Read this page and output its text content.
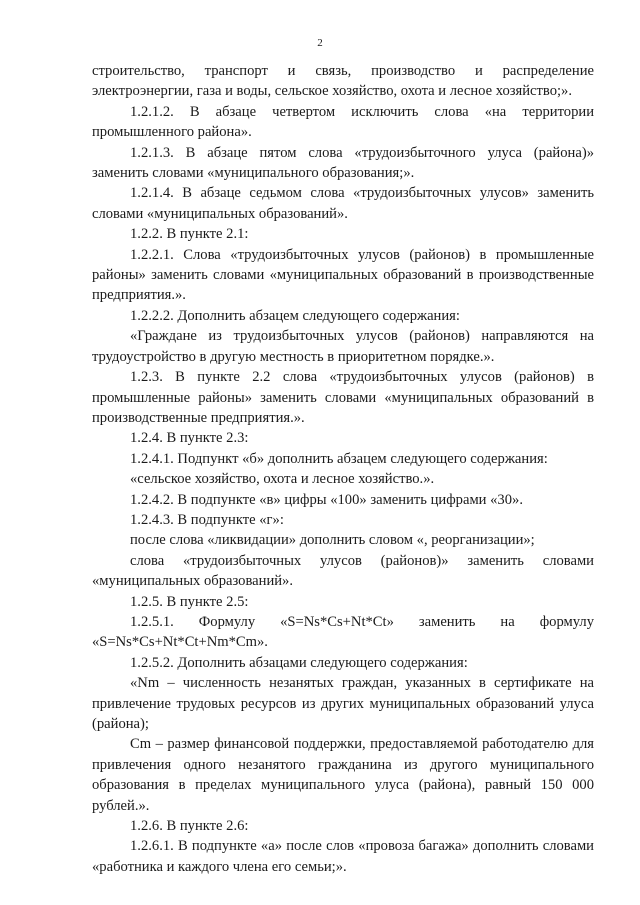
2

строительство, транспорт и связь, производство и распределение электроэнергии, газа и воды, сельское хозяйство, охота и лесное хозяйство;».

1.2.1.2. В абзаце четвертом исключить слова «на территории промышленного района».

1.2.1.3. В абзаце пятом слова «трудоизбыточного улуса (района)» заменить словами «муниципального образования;».

1.2.1.4. В абзаце седьмом слова «трудоизбыточных улусов» заменить словами «муниципальных образований».

1.2.2. В пункте 2.1:

1.2.2.1. Слова «трудоизбыточных улусов (районов) в промышленные районы» заменить словами «муниципальных образований в производственные предприятия.».

1.2.2.2. Дополнить абзацем следующего содержания:

«Граждане из трудоизбыточных улусов (районов) направляются на трудоустройство в другую местность в приоритетном порядке.».

1.2.3. В пункте 2.2 слова «трудоизбыточных улусов (районов) в промышленные районы» заменить словами «муниципальных образований в производственные предприятия.».

1.2.4. В пункте 2.3:

1.2.4.1. Подпункт «б» дополнить абзацем следующего содержания:

«сельское хозяйство, охота и лесное хозяйство.».

1.2.4.2. В подпункте «в» цифры «100» заменить цифрами «30».

1.2.4.3. В подпункте «г»:

после слова «ликвидации» дополнить словом «, реорганизации»;

слова «трудоизбыточных улусов (районов)» заменить словами «муниципальных образований».

1.2.5. В пункте 2.5:

1.2.5.1. Формулу «S=Ns*Cs+Nt*Ct» заменить на формулу «S=Ns*Cs+Nt*Ct+Nm*Cm».

1.2.5.2. Дополнить абзацами следующего содержания:

«Nm – численность незанятых граждан, указанных в сертификате на привлечение трудовых ресурсов из других муниципальных образований улуса (района);

Cm – размер финансовой поддержки, предоставляемой работодателю для привлечения одного незанятого гражданина из другого муниципального образования в пределах муниципального улуса (района), равный 150 000 рублей.».

1.2.6. В пункте 2.6:

1.2.6.1. В подпункте «а» после слов «провоза багажа» дополнить словами «работника и каждого члена его семьи;».
